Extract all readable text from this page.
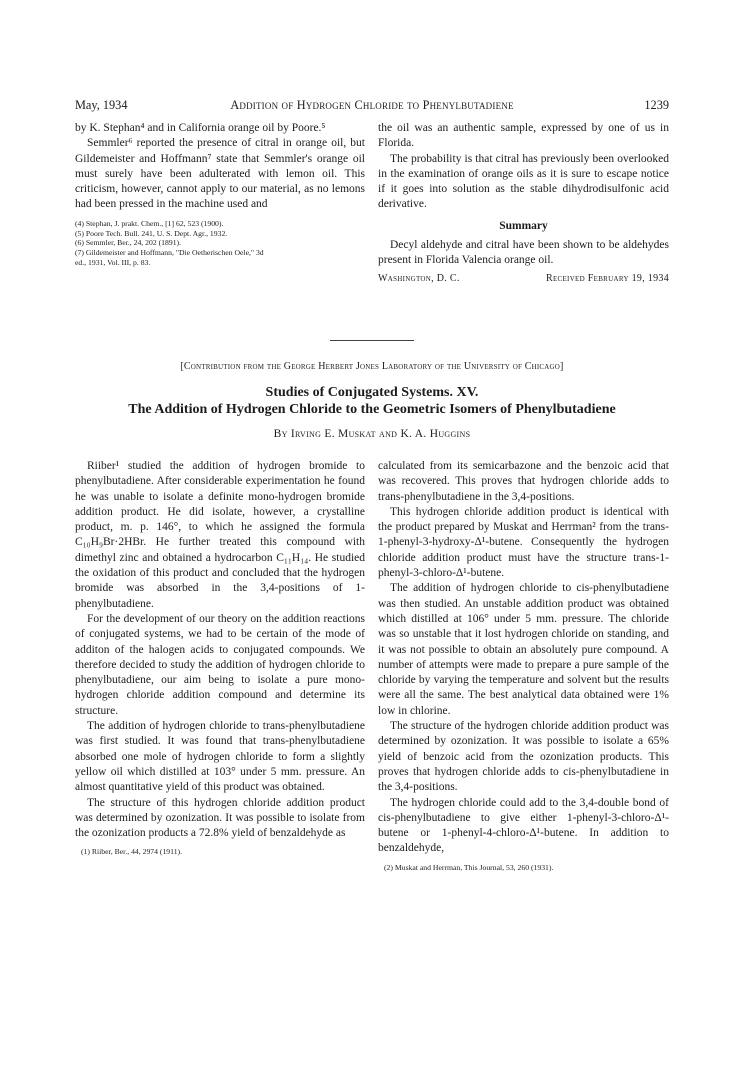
May, 1934	Addition of Hydrogen Chloride to Phenylbutadiene	1239

by K. Stephan⁴ and in California orange oil by Poore.⁵

Semmler⁶ reported the presence of citral in orange oil, but Gildemeister and Hoffmann⁷ state that Semmler's orange oil must surely have been adulterated with lemon oil. This criticism, however, cannot apply to our material, as no lemons had been pressed in the machine used and

(4) Stephan, J. prakt. Chem., [1] 62, 523 (1900).
(5) Poore Tech. Bull. 241, U. S. Dept. Agr., 1932.
(6) Semmler, Ber., 24, 202 (1891).
(7) Gildemeister and Hoffmann, "Die Oetherischen Oele," 3d
ed., 1931, Vol. III, p. 83.

the oil was an authentic sample, expressed by one of us in Florida.

The probability is that citral has previously been overlooked in the examination of orange oils as it is sure to escape notice if it goes into solution as the stable dihydrodisulfonic acid derivative.

Summary

Decyl aldehyde and citral have been shown to be aldehydes present in Florida Valencia orange oil.

Washington, D. C.	Received February 19, 1934
[Contribution from the George Herbert Jones Laboratory of the University of Chicago]
Studies of Conjugated Systems. XV.
The Addition of Hydrogen Chloride to the Geometric Isomers of Phenylbutadiene
By Irving E. Muskat and K. A. Huggins

Riiber¹ studied the addition of hydrogen bromide to phenylbutadiene. After considerable experimentation he found he was unable to isolate a definite mono-hydrogen bromide addition product. He did isolate, however, a crystalline product, m. p. 146°, to which he assigned the formula C₁₀H₉Br·2HBr. He further treated this compound with dimethyl zinc and obtained a hydrocarbon C₁₁H₁₄. He studied the oxidation of this product and concluded that the hydrogen bromide was absorbed in the 3,4-positions of 1-phenylbutadiene.

For the development of our theory on the addition reactions of conjugated systems, we had to be certain of the mode of additon of the halogen acids to conjugated compounds. We therefore decided to study the addition of hydrogen chloride to phenylbutadiene, our aim being to isolate a pure mono-hydrogen chloride addition compound and determine its structure.

The addition of hydrogen chloride to trans-phenylbutadiene was first studied. It was found that trans-phenylbutadiene absorbed one mole of hydrogen chloride to form a slightly yellow oil which distilled at 103° under 5 mm. pressure. An almost quantitative yield of this product was obtained.

The structure of this hydrogen chloride addition product was determined by ozonization. It was possible to isolate from the ozonization products a 72.8% yield of benzaldehyde as

(1) Riiber, Ber., 44, 2974 (1911).

calculated from its semicarbazone and the benzoic acid that was recovered. This proves that hydrogen chloride adds to trans-phenylbutadiene in the 3,4-positions.

This hydrogen chloride addition product is identical with the product prepared by Muskat and Herrman² from the trans-1-phenyl-3-hydroxy-Δ¹-butene. Consequently the hydrogen chloride addition product must have the structure trans-1-phenyl-3-chloro-Δ¹-butene.

The addition of hydrogen chloride to cis-phenylbutadiene was then studied. An unstable addition product was obtained which distilled at 106° under 5 mm. pressure. The chloride was so unstable that it lost hydrogen chloride on standing, and it was not possible to obtain an absolutely pure compound. A number of attempts were made to prepare a pure sample of the chloride by varying the temperature and solvent but the results were all the same. The best analytical data obtained were 1% low in chlorine.

The structure of the hydrogen chloride addition product was determined by ozonization. It was possible to isolate a 65% yield of benzoic acid from the ozonization products. This proves that hydrogen chloride adds to cis-phenylbutadiene in the 3,4-positions.

The hydrogen chloride could add to the 3,4-double bond of cis-phenylbutadiene to give either 1-phenyl-3-chloro-Δ¹-butene or 1-phenyl-4-chloro-Δ¹-butene. In addition to benzaldehyde,

(2) Muskat and Herrman, This Journal, 53, 260 (1931).
